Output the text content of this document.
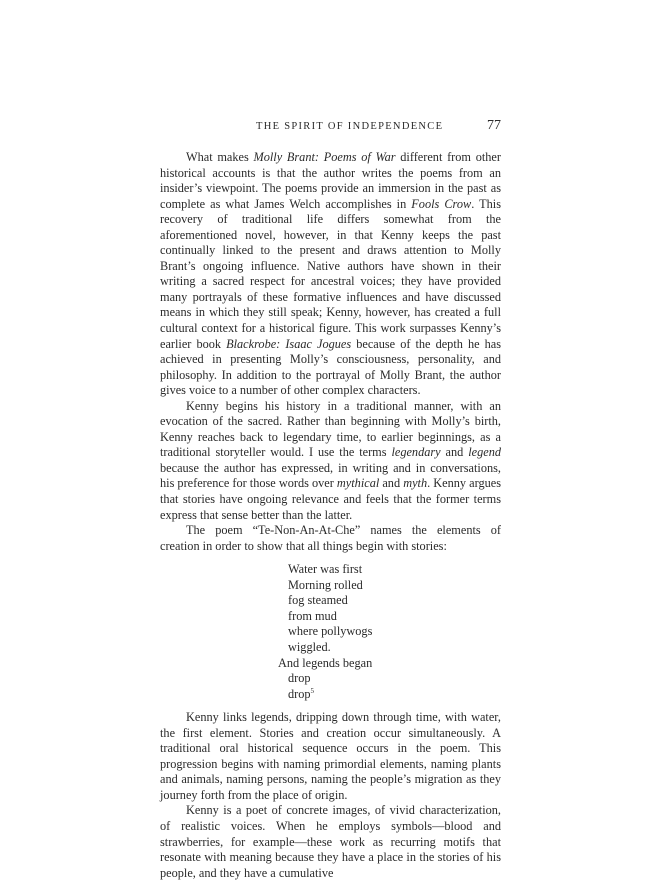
THE SPIRIT OF INDEPENDENCE	77

What makes Molly Brant: Poems of War different from other historical accounts is that the author writes the poems from an insider’s viewpoint. The poems provide an immersion in the past as complete as what James Welch accomplishes in Fools Crow. This recovery of traditional life differs somewhat from the aforementioned novel, however, in that Kenny keeps the past continually linked to the present and draws attention to Molly Brant’s ongoing influence. Native authors have shown in their writing a sacred respect for ancestral voices; they have provided many portrayals of these formative influences and have discussed means in which they still speak; Kenny, however, has created a full cultural context for a historical figure. This work surpasses Kenny’s earlier book Blackrobe: Isaac Jogues because of the depth he has achieved in presenting Molly’s consciousness, personality, and philosophy. In addition to the portrayal of Molly Brant, the author gives voice to a number of other complex characters.

Kenny begins his history in a traditional manner, with an evocation of the sacred. Rather than beginning with Molly’s birth, Kenny reaches back to legendary time, to earlier beginnings, as a traditional storyteller would. I use the terms legendary and legend because the author has expressed, in writing and in conversations, his preference for those words over mythical and myth. Kenny argues that stories have ongoing relevance and feels that the former terms express that sense better than the latter.

The poem “Te-Non-An-At-Che” names the elements of creation in order to show that all things begin with stories:

Water was first
Morning rolled
fog steamed
from mud
where pollywogs
wiggled.
And legends began
drop
drop$^5$

Kenny links legends, dripping down through time, with water, the first element. Stories and creation occur simultaneously. A traditional oral historical sequence occurs in the poem. This progression begins with naming primordial elements, naming plants and animals, naming persons, naming the people’s migration as they journey forth from the place of origin.

Kenny is a poet of concrete images, of vivid characterization, of realistic voices. When he employs symbols—blood and strawberries, for example—these work as recurring motifs that resonate with meaning because they have a place in the stories of his people, and they have a cumulative
